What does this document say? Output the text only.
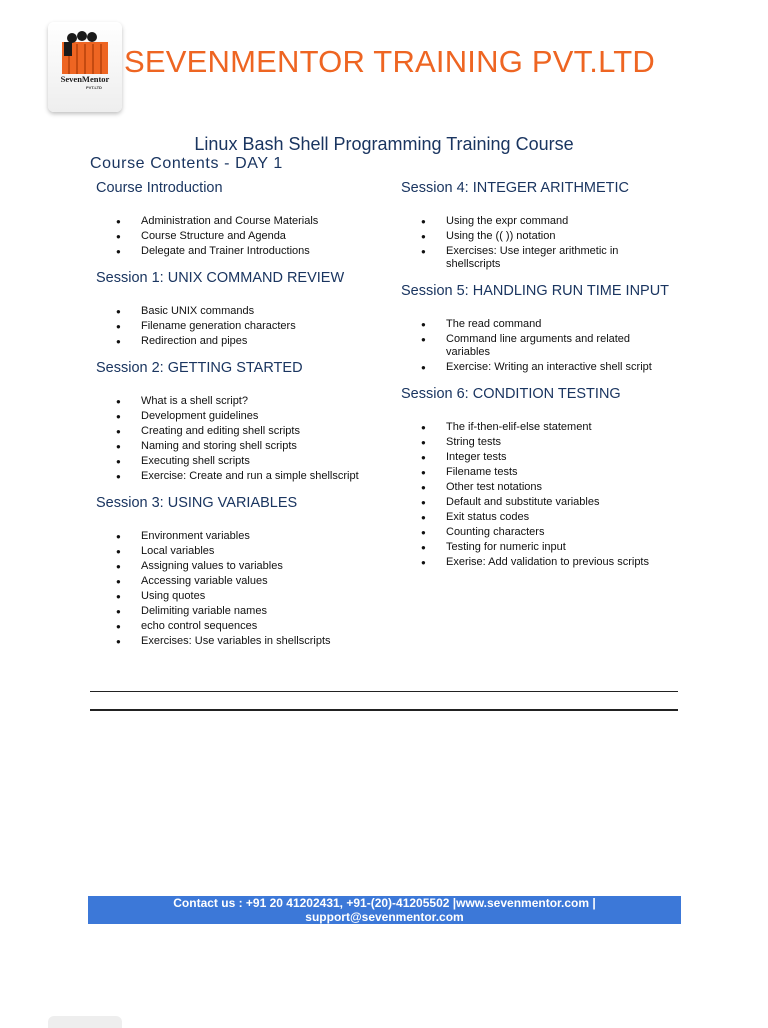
SevenMentor
PVT.LTD
SEVENMENTOR TRAINING PVT.LTD
Linux Bash Shell Programming Training Course
Course Contents - DAY 1
Course Introduction
● Administration and Course Materials
● Course Structure and Agenda
● Delegate and Trainer Introductions
Session 1: UNIX COMMAND REVIEW
● Basic UNIX commands
● Filename generation characters
● Redirection and pipes
Session 2: GETTING STARTED
● What is a shell script?
● Development guidelines
● Creating and editing shell scripts
● Naming and storing shell scripts
● Executing shell scripts
● Exercise: Create and run a simple shellscript
Session 3: USING VARIABLES
● Environment variables
● Local variables
● Assigning values to variables
● Accessing variable values
● Using quotes
● Delimiting variable names
● echo control sequences
● Exercises: Use variables in shellscripts
Session 4: INTEGER ARITHMETIC
● Using the expr command
● Using the (( )) notation
● Exercises: Use integer arithmetic in shellscripts
Session 5: HANDLING RUN TIME INPUT
● The read command
● Command line arguments and related variables
● Exercise: Writing an interactive shell script
Session 6: CONDITION TESTING
● The if-then-elif-else statement
● String tests
● Integer tests
● Filename tests
● Other test notations
● Default and substitute variables
● Exit status codes
● Counting characters
● Testing for numeric input
● Exerise: Add validation to previous scripts
Contact us : +91 20 41202431, +91-(20)-41205502 |www.sevenmentor.com |
support@sevenmentor.com
